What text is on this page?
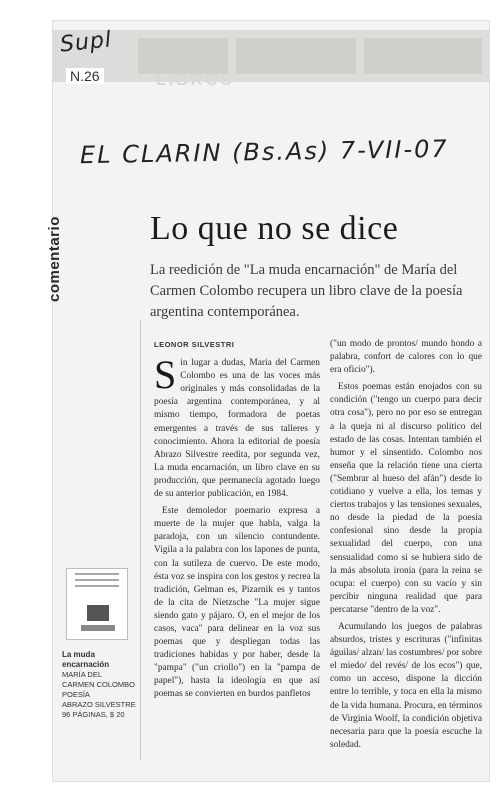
Supl
N.26	LIBROS
EL CLARIN (Bs.As) 7-VII-07
comentario	Lo que no se dice
La reedición de "La muda encarnación" de María del Carmen Colombo recupera un libro clave de la poesía argentina contemporánea.
LEONOR SILVESTRI

Sin lugar a dudas, María del Carmen Colombo es una de las voces más originales y más consolidadas de la poesía argentina contemporánea, y al mismo tiempo, formadora de poetas emergentes a través de sus talleres y conocimiento. Ahora la editorial de poesía Abrazo Silvestre reedita, por segunda vez, La muda encarnación, un libro clave en su producción, que permanecía agotado luego de su anterior publicación, en 1984.

Este demoledor poemario expresa a muerte de la mujer que habla, valga la paradoja, con un silencio contundente. Vigila a la palabra con los lapones de punta, con la sutileza de cuervo. De este modo, ésta voz se inspira con los gestos y recrea la tradición, Gelman es, Pizarnik es y tantos de la cita de Nietzsche "La mujer sigue siendo gato y pájaro. O, en el mejor de los casos, vaca" para delinear en la voz sus poemas que y despliegan todas las tradiciones habidas y por haber, desde la "pampa" ("un criollo") en la "pampa de papel"), hasta la ideología en que así poemas se convierten en burdos panfletos

("un modo de prontos/ mundo hondo a palabra, confort de calores con lo que era oficio").

Estos poemas están enojados con su condición ("tengo un cuerpo para decir otra cosa"), pero no por eso se entregan a la queja ni al discurso político del estado de las cosas. Intentan también el humor y el sinsentido. Colombo nos enseña que la relación tiene una cierta ("Sembrar al hueso del afán") desde lo cotidiano y vuelve a ella, los temas y ciertos trabajos y las tensiones sexuales, no desde la piedad de la poesía confesional sino desde la propia sexualidad del cuerpo, con una sensualidad como si se hubiera sido de la más absoluta ironía (para la reina se ocupa: el cuerpo) con su vacío y sin percibir ninguna realidad que para percatarse "dentro de la voz".

Acumulando los juegos de palabras absurdos, tristes y escrituras ("infinitas águilas/ alzan/ las costumbres/ por sobre el miedo/ del revés/ de los ecos") que, como un acceso, dispone la dicción entre lo terrible, y toca en ella la mismo de la vida humana. Procura, en términos de Virginia Woolf, la condición objetiva necesaria para que la poesía escuche la soledad.

La muda encarnación
MARÍA DEL CARMEN COLOMBO
POESÍA
ABRAZO SILVESTRE
96 PÁGINAS, $ 20
